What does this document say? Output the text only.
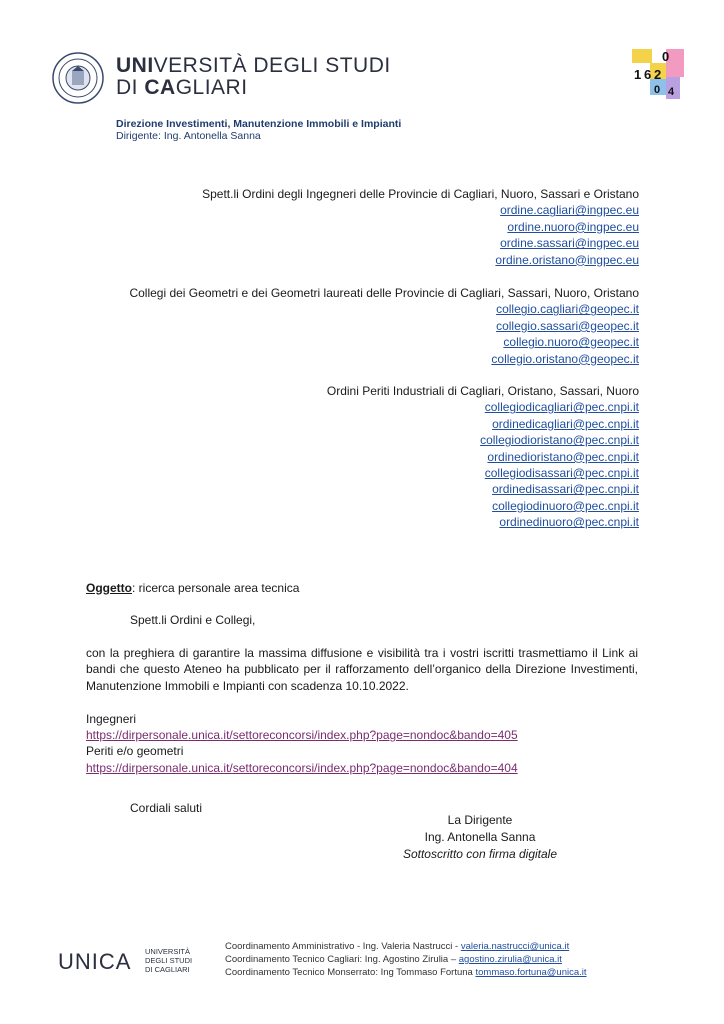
UNIVERSITÀ DEGLI STUDI
DI CAGLIARI
Direzione Investimenti, Manutenzione Immobili e Impianti
Dirigente: Ing. Antonella Sanna
1 6 2
0
4
0
Spett.li Ordini degli Ingegneri delle Provincie di Cagliari, Nuoro, Sassari e Oristano
ordine.cagliari@ingpec.eu
ordine.nuoro@ingpec.eu
ordine.sassari@ingpec.eu
ordine.oristano@ingpec.eu
Collegi dei Geometri e dei Geometri laureati delle Provincie di Cagliari, Sassari, Nuoro, Oristano
collegio.cagliari@geopec.it
collegio.sassari@geopec.it
collegio.nuoro@geopec.it
collegio.oristano@geopec.it
Ordini Periti Industriali di Cagliari, Oristano, Sassari, Nuoro
collegiodicagliari@pec.cnpi.it
ordinedicagliari@pec.cnpi.it
collegiodioristano@pec.cnpi.it
ordinedioristano@pec.cnpi.it
collegiodisassari@pec.cnpi.it
ordinedisassari@pec.cnpi.it
collegiodinuoro@pec.cnpi.it
ordinedinuoro@pec.cnpi.it
Oggetto: ricerca personale area tecnica
Spett.li Ordini e Collegi,
con la preghiera di garantire la massima diffusione e visibilità tra i vostri iscritti trasmettiamo il Link ai bandi che questo Ateneo ha pubblicato per il rafforzamento dell’organico della Direzione Investimenti, Manutenzione Immobili e Impianti con scadenza 10.10.2022.
Ingegneri
https://dirpersonale.unica.it/settoreconcorsi/index.php?page=nondoc&bando=405
Periti e/o geometri
https://dirpersonale.unica.it/settoreconcorsi/index.php?page=nondoc&bando=404
Cordiali saluti
La Dirigente
Ing. Antonella Sanna
Sottoscritto con firma digitale
UNICA UNIVERSITÀ
DEGLI STUDI
DI CAGLIARI
Coordinamento Amministrativo - Ing. Valeria Nastrucci - valeria.nastrucci@unica.it
Coordinamento Tecnico Cagliari: Ing. Agostino Zirulia – agostino.zirulia@unica.it
Coordinamento Tecnico Monserrato: Ing Tommaso Fortuna tommaso.fortuna@unica.it
